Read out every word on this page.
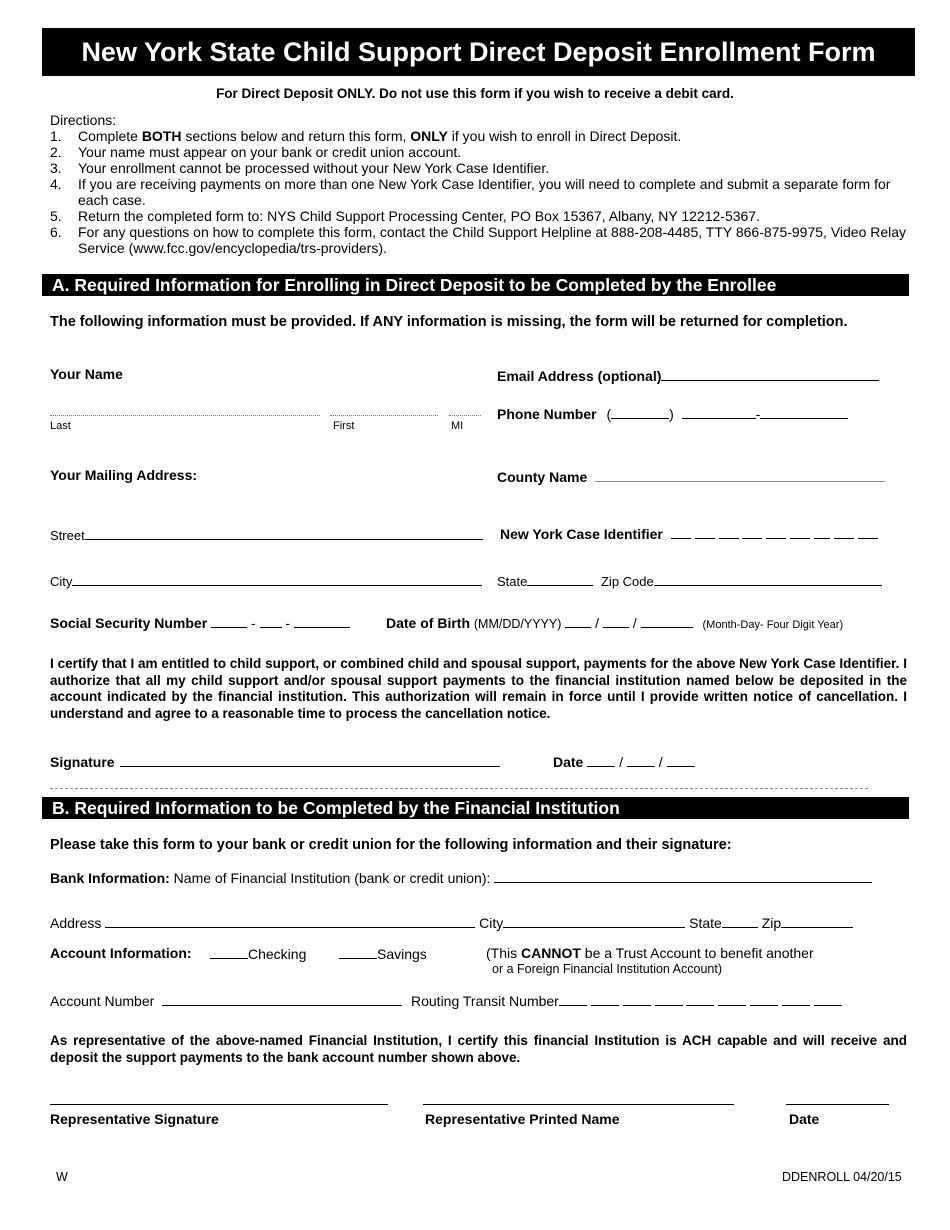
New York State Child Support Direct Deposit Enrollment Form
For Direct Deposit ONLY. Do not use this form if you wish to receive a debit card.
Directions:
1. Complete BOTH sections below and return this form, ONLY if you wish to enroll in Direct Deposit.
2. Your name must appear on your bank or credit union account.
3. Your enrollment cannot be processed without your New York Case Identifier.
4. If you are receiving payments on more than one New York Case Identifier, you will need to complete and submit a separate form for each case.
5. Return the completed form to: NYS Child Support Processing Center, PO Box 15367, Albany, NY 12212-5367.
6. For any questions on how to complete this form, contact the Child Support Helpline at 888-208-4485, TTY 866-875-9975, Video Relay Service (www.fcc.gov/encyclopedia/trs-providers).
A. Required Information for Enrolling in Direct Deposit to be Completed by the Enrollee
The following information must be provided. If ANY information is missing, the form will be returned for completion.
Your Name	Email Address (optional)
Last	First	MI
Phone Number (	)	-
Your Mailing Address:	County Name
Street	New York Case Identifier
City	State	Zip Code
Social Security Number	-  -	Date of Birth (MM/DD/YYYY)  /  /	(Month-Day- Four Digit Year)
I certify that I am entitled to child support, or combined child and spousal support, payments for the above New York Case Identifier. I authorize that all my child support and/or spousal support payments to the financial institution named below be deposited in the account indicated by the financial institution. This authorization will remain in force until I provide written notice of cancellation. I understand and agree to a reasonable time to process the cancellation notice.
Signature	Date  /  /
B. Required Information to be Completed by the Financial Institution
Please take this form to your bank or credit union for the following information and their signature:
Bank Information: Name of Financial Institution (bank or credit union):
Address	City	State	Zip
Account Information:	Checking	Savings	(This CANNOT be a Trust Account to benefit another
or a Foreign Financial Institution Account)
Account Number	Routing Transit Number
As representative of the above-named Financial Institution, I certify this financial Institution is ACH capable and will receive and deposit the support payments to the bank account number shown above.
Representative Signature	Representative Printed Name	Date
W	DDENROLL 04/20/15
